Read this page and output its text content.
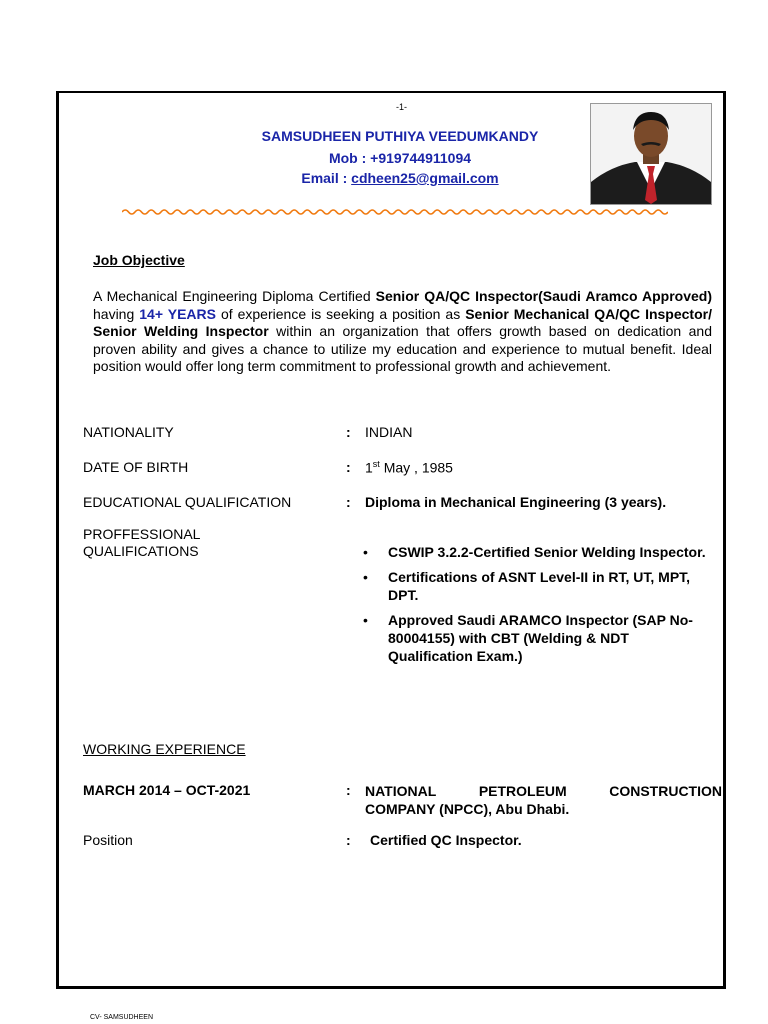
-1-
SAMSUDHEEN PUTHIYA VEEDUMKANDY
Mob : +919744911094
Email : cdheen25@gmail.com
Job Objective
A Mechanical Engineering Diploma Certified Senior QA/QC Inspector(Saudi Aramco Approved) having 14+ YEARS of experience is seeking a position as Senior Mechanical QA/QC Inspector/ Senior Welding Inspector within an organization that offers growth based on dedication and proven ability and gives a chance to utilize my education and experience to mutual benefit. Ideal position would offer long term commitment to professional growth and achievement.
NATIONALITY	: INDIAN
DATE OF BIRTH	: 1st May , 1985
EDUCATIONAL QUALIFICATION	: Diploma in Mechanical Engineering (3 years).
PROFFESSIONAL
QUALIFICATIONS	• CSWIP 3.2.2-Certified Senior Welding Inspector.
• Certifications of ASNT Level-II in RT, UT, MPT, DPT.
• Approved Saudi ARAMCO Inspector (SAP No-80004155) with CBT (Welding & NDT Qualification Exam.)
WORKING EXPERIENCE
MARCH 2014 – OCT-2021	: NATIONAL	PETROLEUM	CONSTRUCTION
COMPANY (NPCC), Abu Dhabi.
Position	: Certified QC Inspector.
CV- SAMSUDHEEN
